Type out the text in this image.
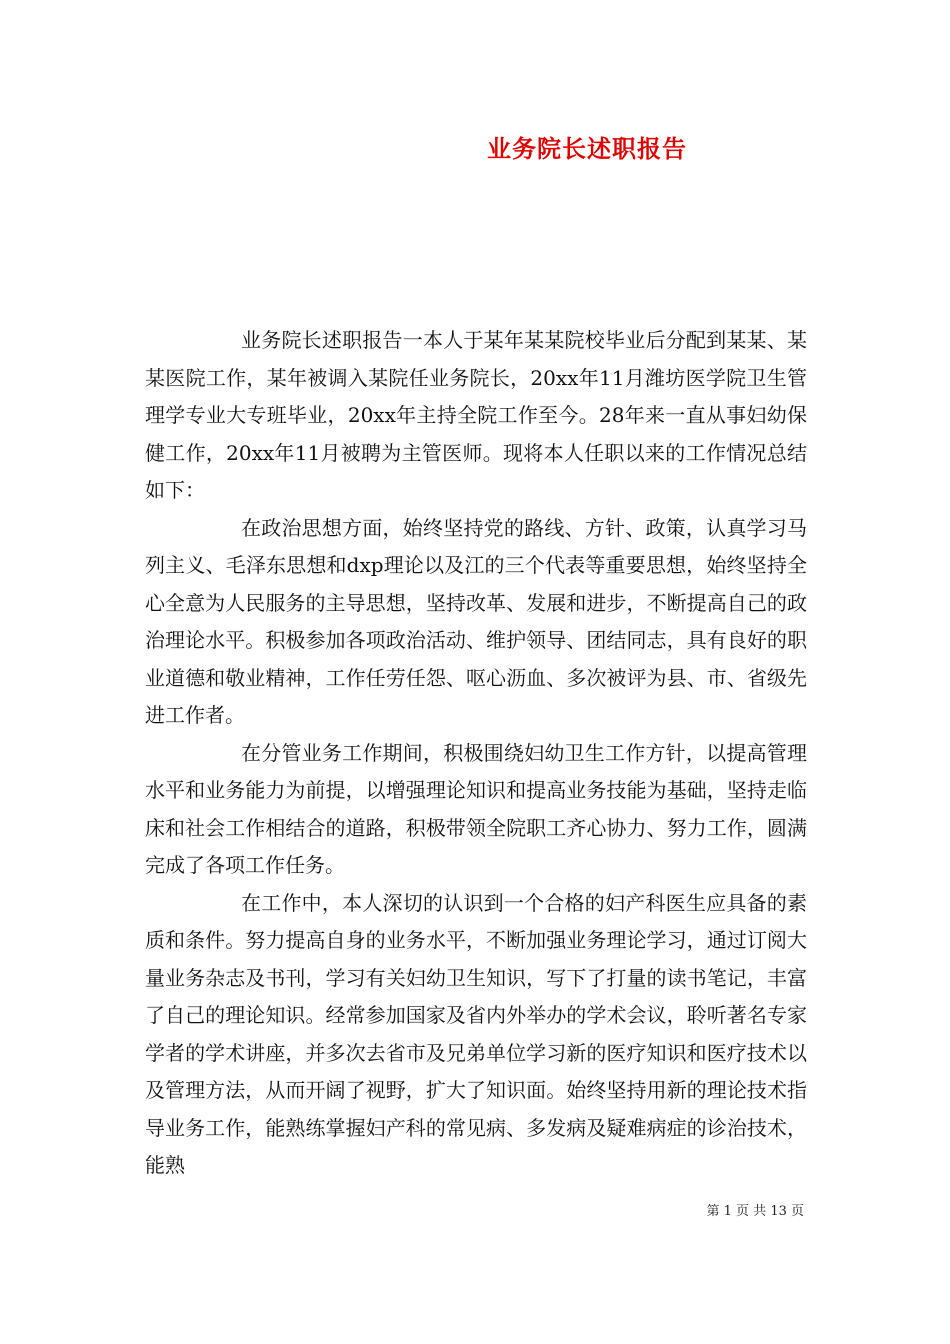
业务院长述职报告

业务院长述职报告一本人于某年某某院校毕业后分配到某某、某某医院工作，某年被调入某院任业务院长，20xx年11月潍坊医学院卫生管理学专业大专班毕业，20xx年主持全院工作至今。28年来一直从事妇幼保健工作，20xx年11月被聘为主管医师。现将本人任职以来的工作情况总结如下：

在政治思想方面，始终坚持党的路线、方针、政策，认真学习马列主义、毛泽东思想和dxp理论以及江的三个代表等重要思想，始终坚持全心全意为人民服务的主导思想，坚持改革、发展和进步，不断提高自己的政治理论水平。积极参加各项政治活动、维护领导、团结同志，具有良好的职业道德和敬业精神，工作任劳任怨、呕心沥血、多次被评为县、市、省级先进工作者。

在分管业务工作期间，积极围绕妇幼卫生工作方针，以提高管理水平和业务能力为前提，以增强理论知识和提高业务技能为基础，坚持走临床和社会工作相结合的道路，积极带领全院职工齐心协力、努力工作，圆满完成了各项工作任务。

在工作中，本人深切的认识到一个合格的妇产科医生应具备的素质和条件。努力提高自身的业务水平，不断加强业务理论学习，通过订阅大量业务杂志及书刊，学习有关妇幼卫生知识，写下了打量的读书笔记，丰富了自己的理论知识。经常参加国家及省内外举办的学术会议，聆听著名专家学者的学术讲座，并多次去省市及兄弟单位学习新的医疗知识和医疗技术以及管理方法，从而开阔了视野，扩大了知识面。始终坚持用新的理论技术指导业务工作，能熟练掌握妇产科的常见病、多发病及疑难病症的诊治技术，能熟

第 1 页 共 13 页
